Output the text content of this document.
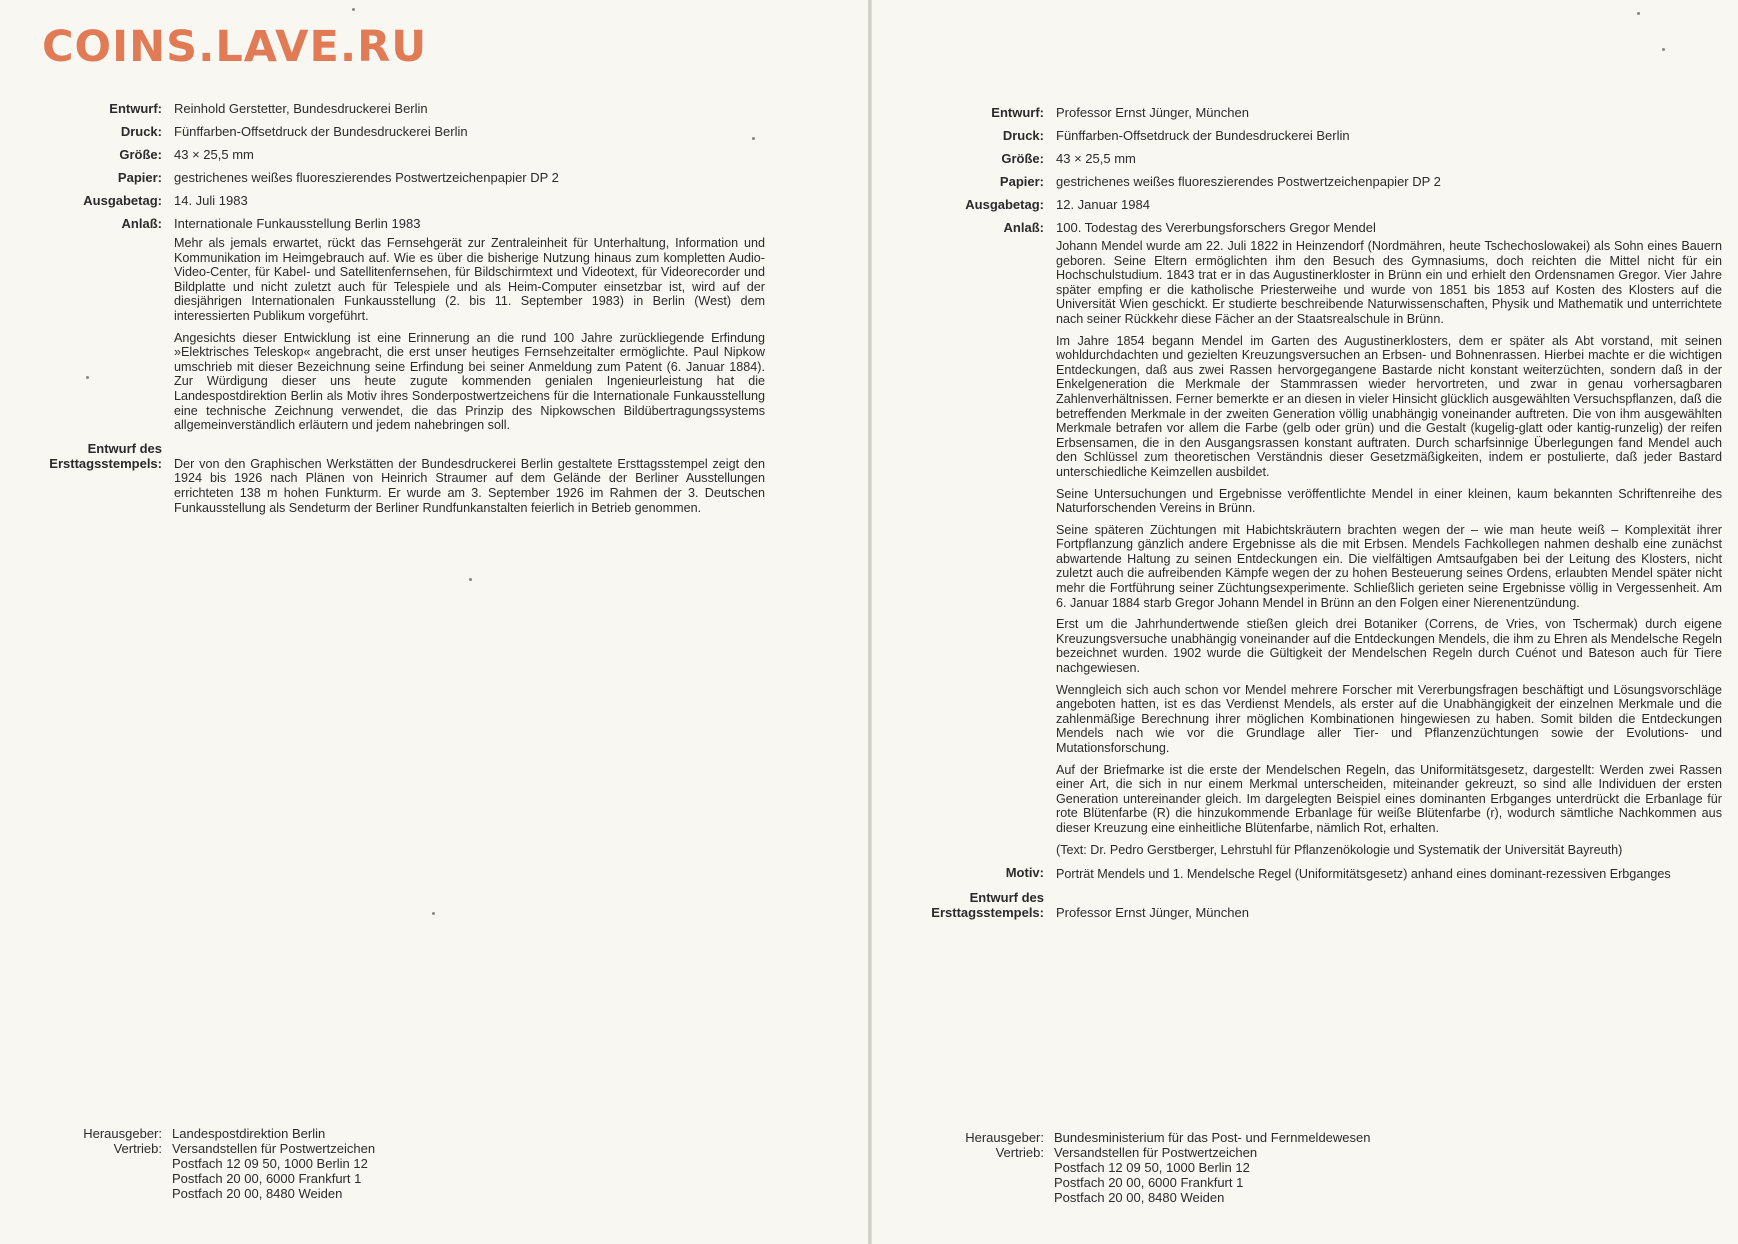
COINS.LAVE.RU
Entwurf: Reinhold Gerstetter, Bundesdruckerei Berlin
Druck: Fünffarben-Offsetdruck der Bundesdruckerei Berlin
Größe: 43 × 25,5 mm
Papier: gestrichenes weißes fluoreszierendes Postwertzeichenpapier DP 2
Ausgabetag: 14. Juli 1983
Anlaß: Internationale Funkausstellung Berlin 1983

Mehr als jemals erwartet, rückt das Fernsehgerät zur Zentraleinheit für Unterhaltung, Information und Kommunikation im Heimgebrauch auf. Wie es über die bisherige Nutzung hinaus zum kompletten Audio-Video-Center, für Kabel- und Satellitenfernsehen, für Bildschirmtext und Videotext, für Videorecorder und Bildplatte und nicht zuletzt auch für Telespiele und als Heim-Computer einsetzbar ist, wird auf der diesjährigen Internationalen Funkausstellung (2. bis 11. September 1983) in Berlin (West) dem interessierten Publikum vorgeführt.

Angesichts dieser Entwicklung ist eine Erinnerung an die rund 100 Jahre zurückliegende Erfindung »Elektrisches Teleskop« angebracht, die erst unser heutiges Fernsehzeitalter ermöglichte. Paul Nipkow umschrieb mit dieser Bezeichnung seine Erfindung bei seiner Anmeldung zum Patent (6. Januar 1884). Zur Würdigung dieser uns heute zugute kommenden genialen Ingenieurleistung hat die Landespostdirektion Berlin als Motiv ihres Sonderpostwertzeichens für die Internationale Funkausstellung eine technische Zeichnung verwendet, die das Prinzip des Nipkowschen Bildübertragungssystems allgemeinverständlich erläutern und jedem nahebringen soll.

Entwurf des
Ersttagsstempels: Der von den Graphischen Werkstätten der Bundesdruckerei Berlin gestaltete Ersttagsstempel zeigt den 1924 bis 1926 nach Plänen von Heinrich Straumer auf dem Gelände der Berliner Ausstellungen errichteten 138 m hohen Funkturm. Er wurde am 3. September 1926 im Rahmen der 3. Deutschen Funkausstellung als Sendeturm der Berliner Rundfunkanstalten feierlich in Betrieb genommen.

Herausgeber: Landespostdirektion Berlin
Vertrieb: Versandstellen für Postwertzeichen
Postfach 12 09 50, 1000 Berlin 12
Postfach 20 00, 6000 Frankfurt 1
Postfach 20 00, 8480 Weiden
Entwurf: Professor Ernst Jünger, München
Druck: Fünffarben-Offsetdruck der Bundesdruckerei Berlin
Größe: 43 × 25,5 mm
Papier: gestrichenes weißes fluoreszierendes Postwertzeichenpapier DP 2
Ausgabetag: 12. Januar 1984
Anlaß: 100. Todestag des Vererbungsforschers Gregor Mendel

Johann Mendel wurde am 22. Juli 1822 in Heinzendorf (Nordmähren, heute Tschechoslowakei) als Sohn eines Bauern geboren. Seine Eltern ermöglichten ihm den Besuch des Gymnasiums, doch reichten die Mittel nicht für ein Hochschulstudium. 1843 trat er in das Augustinerkloster in Brünn ein und erhielt den Ordensnamen Gregor. Vier Jahre später empfing er die katholische Priesterweihe und wurde von 1851 bis 1853 auf Kosten des Klosters auf die Universität Wien geschickt. Er studierte beschreibende Naturwissenschaften, Physik und Mathematik und unterrichtete nach seiner Rückkehr diese Fächer an der Staatsrealschule in Brünn.

Im Jahre 1854 begann Mendel im Garten des Augustinerklosters, dem er später als Abt vorstand, mit seinen wohldurchdachten und gezielten Kreuzungsversuchen an Erbsen- und Bohnenrassen. Hierbei machte er die wichtigen Entdeckungen, daß aus zwei Rassen hervorgegangene Bastarde nicht konstant weiterzüchten, sondern daß in der Enkelgeneration die Merkmale der Stammrassen wieder hervortreten, und zwar in genau vorhersagbaren Zahlenverhältnissen. Ferner bemerkte er an diesen in vieler Hinsicht glücklich ausgewählten Versuchspflanzen, daß die betreffenden Merkmale in der zweiten Generation völlig unabhängig voneinander auftreten. Die von ihm ausgewählten Merkmale betrafen vor allem die Farbe (gelb oder grün) und die Gestalt (kugelig-glatt oder kantig-runzelig) der reifen Erbsensamen, die in den Ausgangsrassen konstant auftraten. Durch scharfsinnige Überlegungen fand Mendel auch den Schlüssel zum theoretischen Verständnis dieser Gesetzmäßigkeiten, indem er postulierte, daß jeder Bastard unterschiedliche Keimzellen ausbildet.

Seine Untersuchungen und Ergebnisse veröffentlichte Mendel in einer kleinen, kaum bekannten Schriftenreihe des Naturforschenden Vereins in Brünn.

Seine späteren Züchtungen mit Habichtskräutern brachten wegen der – wie man heute weiß – Komplexität ihrer Fortpflanzung gänzlich andere Ergebnisse als die mit Erbsen. Mendels Fachkollegen nahmen deshalb eine zunächst abwartende Haltung zu seinen Entdeckungen ein. Die vielfältigen Amtsaufgaben bei der Leitung des Klosters, nicht zuletzt auch die aufreibenden Kämpfe wegen der zu hohen Besteuerung seines Ordens, erlaubten Mendel später nicht mehr die Fortführung seiner Züchtungsexperimente. Schließlich gerieten seine Ergebnisse völlig in Vergessenheit. Am 6. Januar 1884 starb Gregor Johann Mendel in Brünn an den Folgen einer Nierenentzündung.

Erst um die Jahrhundertwende stießen gleich drei Botaniker (Correns, de Vries, von Tschermak) durch eigene Kreuzungsversuche unabhängig voneinander auf die Entdeckungen Mendels, die ihm zu Ehren als Mendelsche Regeln bezeichnet wurden. 1902 wurde die Gültigkeit der Mendelschen Regeln durch Cuénot und Bateson auch für Tiere nachgewiesen.

Wenngleich sich auch schon vor Mendel mehrere Forscher mit Vererbungsfragen beschäftigt und Lösungsvorschläge angeboten hatten, ist es das Verdienst Mendels, als erster auf die Unabhängigkeit der einzelnen Merkmale und die zahlenmäßige Berechnung ihrer möglichen Kombinationen hingewiesen zu haben. Somit bilden die Entdeckungen Mendels nach wie vor die Grundlage aller Tier- und Pflanzenzüchtungen sowie der Evolutions- und Mutationsforschung.

Auf der Briefmarke ist die erste der Mendelschen Regeln, das Uniformitätsgesetz, dargestellt: Werden zwei Rassen einer Art, die sich in nur einem Merkmal unterscheiden, miteinander gekreuzt, so sind alle Individuen der ersten Generation untereinander gleich. Im dargelegten Beispiel eines dominanten Erbganges unterdrückt die Erbanlage für rote Blütenfarbe (R) die hinzukommende Erbanlage für weiße Blütenfarbe (r), wodurch sämtliche Nachkommen aus dieser Kreuzung eine einheitliche Blütenfarbe, nämlich Rot, erhalten.

(Text: Dr. Pedro Gerstberger, Lehrstuhl für Pflanzenökologie und Systematik der Universität Bayreuth)

Motiv: Porträt Mendels und 1. Mendelsche Regel (Uniformitätsgesetz) anhand eines dominant-rezessiven Erbganges

Entwurf des
Ersttagsstempels: Professor Ernst Jünger, München
Herausgeber: Bundesministerium für das Post- und Fernmeldewesen
Vertrieb: Versandstellen für Postwertzeichen
Postfach 12 09 50, 1000 Berlin 12
Postfach 20 00, 6000 Frankfurt 1
Postfach 20 00, 8480 Weiden
